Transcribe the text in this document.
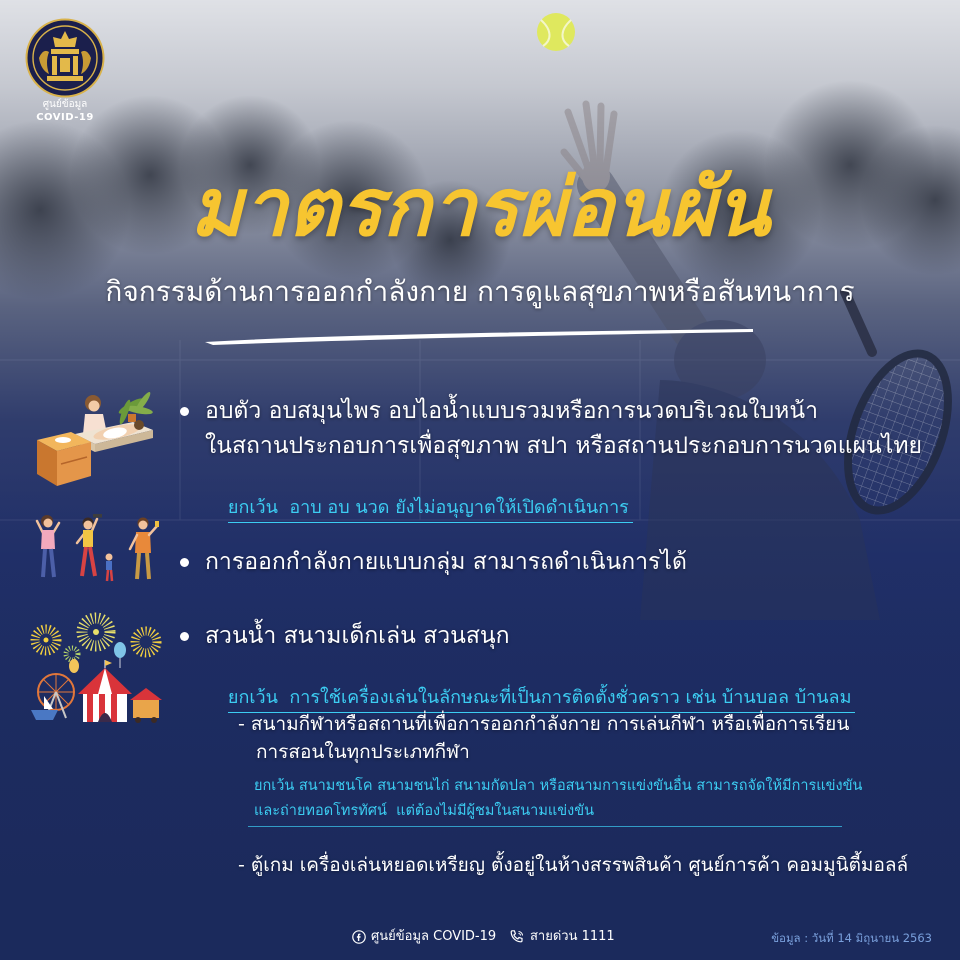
ศูนย์ข้อมูล
COVID-19
มาตรการผ่อนผัน
กิจกรรมด้านการออกกำลังกาย การดูแลสุขภาพหรือสันทนาการ
อบตัว อบสมุนไพร อบไอน้ำแบบรวมหรือการนวดบริเวณใบหน้า
ในสถานประกอบการเพื่อสุขภาพ สปา หรือสถานประกอบการนวดแผนไทย

ยกเว้น  อาบ อบ นวด ยังไม่อนุญาตให้เปิดดำเนินการ

การออกกำลังกายแบบกลุ่ม สามารถดำเนินการได้
สวนน้ำ สนามเด็กเล่น สวนสนุก

ยกเว้น  การใช้เครื่องเล่นในลักษณะที่เป็นการติดตั้งชั่วคราว เช่น บ้านบอล บ้านลม

- สนามกีฬาหรือสถานที่เพื่อการออกกำลังกาย การเล่นกีฬา หรือเพื่อการเรียน
การสอนในทุกประเภทกีฬา
ยกเว้น สนามชนโค สนามชนไก่ สนามกัดปลา หรือสนามการแข่งขันอื่น สามารถจัดให้มีการแข่งขัน
และถ่ายทอดโทรทัศน์  แต่ต้องไม่มีผู้ชมในสนามแข่งขัน
- ตู้เกม เครื่องเล่นหยอดเหรียญ ตั้งอยู่ในห้างสรรพสินค้า ศูนย์การค้า คอมมูนิตี้มอลล์
ศูนย์ข้อมูล COVID-19	สายด่วน 1111	ข้อมูล : วันที่ 14 มิถุนายน 2563
